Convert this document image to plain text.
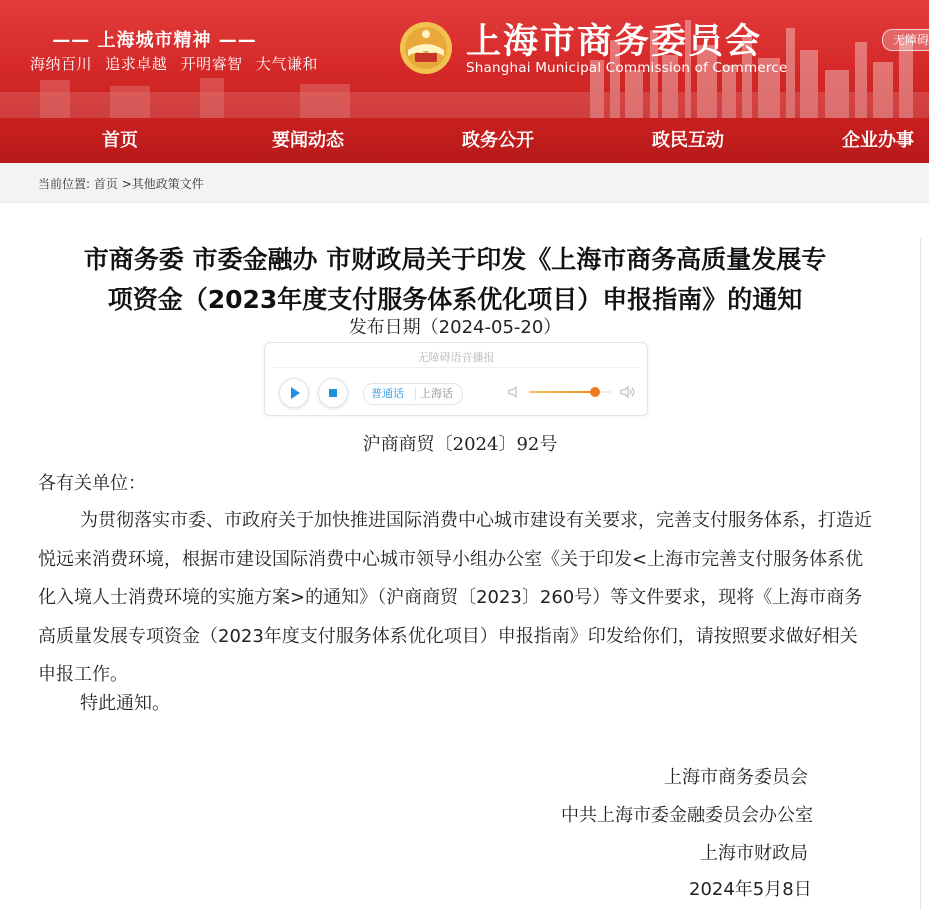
—— 上海城市精神 ——
海纳百川 追求卓越 开明睿智 大气谦和
上海市商务委员会
Shanghai Municipal Commission of Commerce
无障碍
首页	要闻动态	政务公开	政民互动	企业办事
当前位置: 首页 >其他政策文件
市商务委 市委金融办 市财政局关于印发《上海市商务高质量发展专
项资金（2023年度支付服务体系优化项目）申报指南》的通知
发布日期（2024-05-20）
无障碍语音播报
普通话 上海话
沪商商贸〔2024〕92号
各有关单位：
为贯彻落实市委、市政府关于加快推进国际消费中心城市建设有关要求，完善支付服务体系，打造近悦远来消费环境，根据市建设国际消费中心城市领导小组办公室《关于印发<上海市完善支付服务体系优化入境人士消费环境的实施方案>的通知》（沪商商贸〔2023〕260号）等文件要求，现将《上海市商务高质量发展专项资金（2023年度支付服务体系优化项目）申报指南》印发给你们，请按照要求做好相关申报工作。
特此通知。
上海市商务委员会
中共上海市委金融委员会办公室
上海市财政局
2024年5月8日
